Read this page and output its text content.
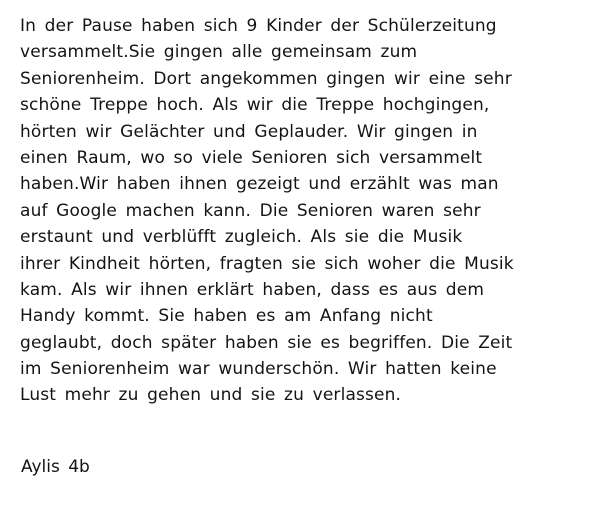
In der Pause haben sich 9 Kinder der Schülerzeitung
versammelt.Sie gingen alle gemeinsam zum
Seniorenheim. Dort angekommen gingen wir eine sehr
schöne Treppe hoch. Als wir die Treppe hochgingen,
hörten wir Gelächter und Geplauder. Wir gingen in
einen Raum, wo so viele Senioren sich versammelt
haben.Wir haben ihnen gezeigt und erzählt was man
auf Google machen kann. Die Senioren waren sehr
erstaunt und verblüfft zugleich. Als sie die Musik
ihrer Kindheit hörten, fragten sie sich woher die Musik
kam. Als wir ihnen erklärt haben, dass es aus dem
Handy kommt. Sie haben es am Anfang nicht
geglaubt, doch später haben sie es begriffen. Die Zeit
im Seniorenheim war wunderschön. Wir hatten keine
Lust mehr zu gehen und sie zu verlassen.
Aylis 4b
